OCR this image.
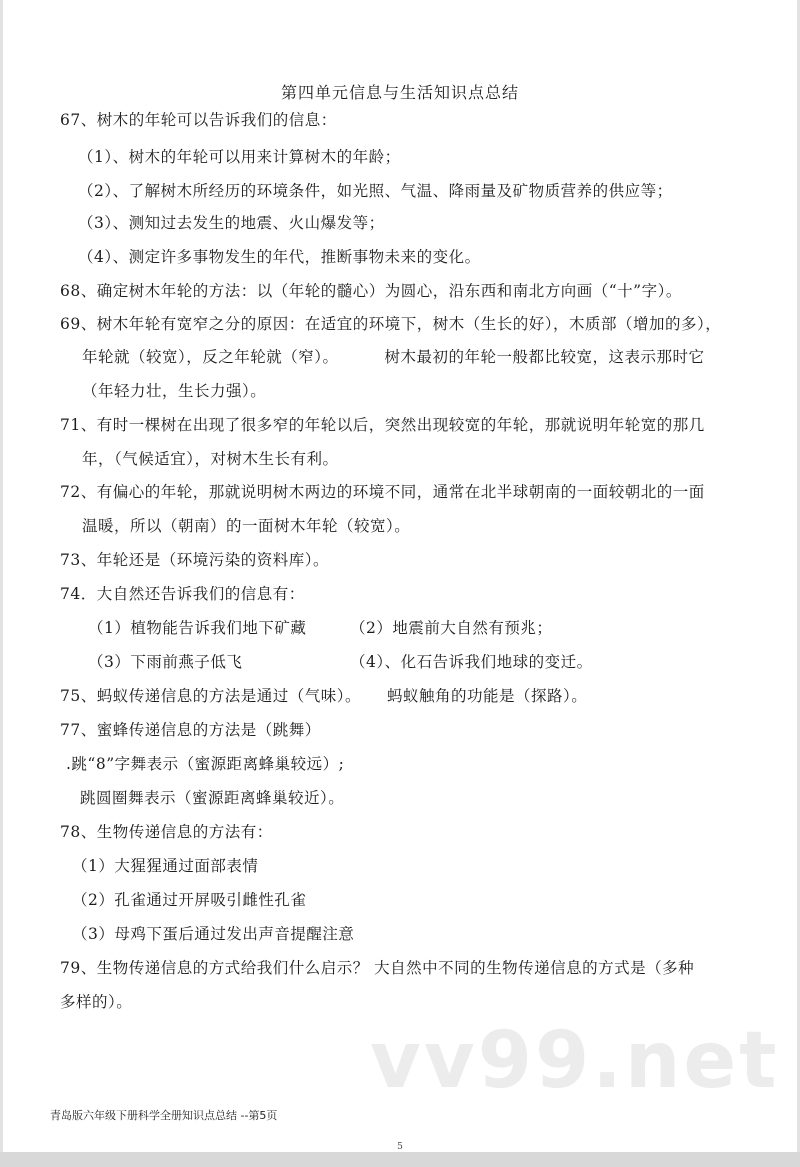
第四单元信息与生活知识点总结
67、树木的年轮可以告诉我们的信息：
（1）、树木的年轮可以用来计算树木的年龄；
（2）、了解树木所经历的环境条件，如光照、气温、降雨量及矿物质营养的供应等；
（3）、测知过去发生的地震、火山爆发等；
（4）、测定许多事物发生的年代，推断事物未来的变化。
68、确定树木年轮的方法：以（年轮的髓心）为圆心，沿东西和南北方向画（“十”字）。
69、树木年轮有宽窄之分的原因：在适宜的环境下，树木（生长的好），木质部（增加的多），
年轮就（较宽），反之年轮就（窄）。	树木最初的年轮一般都比较宽，这表示那时它
（年轻力壮，生长力强）。
71、有时一棵树在出现了很多窄的年轮以后，突然出现较宽的年轮，那就说明年轮宽的那几
年，（气候适宜），对树木生长有利。
72、有偏心的年轮，那就说明树木两边的环境不同，通常在北半球朝南的一面较朝北的一面
温暖，所以（朝南）的一面树木年轮（较宽）。
73、年轮还是（环境污染的资料库）。
74．大自然还告诉我们的信息有：
（1）植物能告诉我们地下矿藏	（2）地震前大自然有预兆；
（3）下雨前燕子低飞	（4）、化石告诉我们地球的变迁。
75、蚂蚁传递信息的方法是通过（气味）。 蚂蚁触角的功能是（探路）。
77、蜜蜂传递信息的方法是（跳舞）
.跳“8”字舞表示（蜜源距离蜂巢较远）;
跳圆圈舞表示（蜜源距离蜂巢较近）。
78、生物传递信息的方法有：
（1）大猩猩通过面部表情
（2）孔雀通过开屏吸引雌性孔雀
（3）母鸡下蛋后通过发出声音提醒注意
79、生物传递信息的方式给我们什么启示？ 大自然中不同的生物传递信息的方式是（多种
多样的）。
vv99.net
青岛版六年级下册科学全册知识点总结 --第5页
5
